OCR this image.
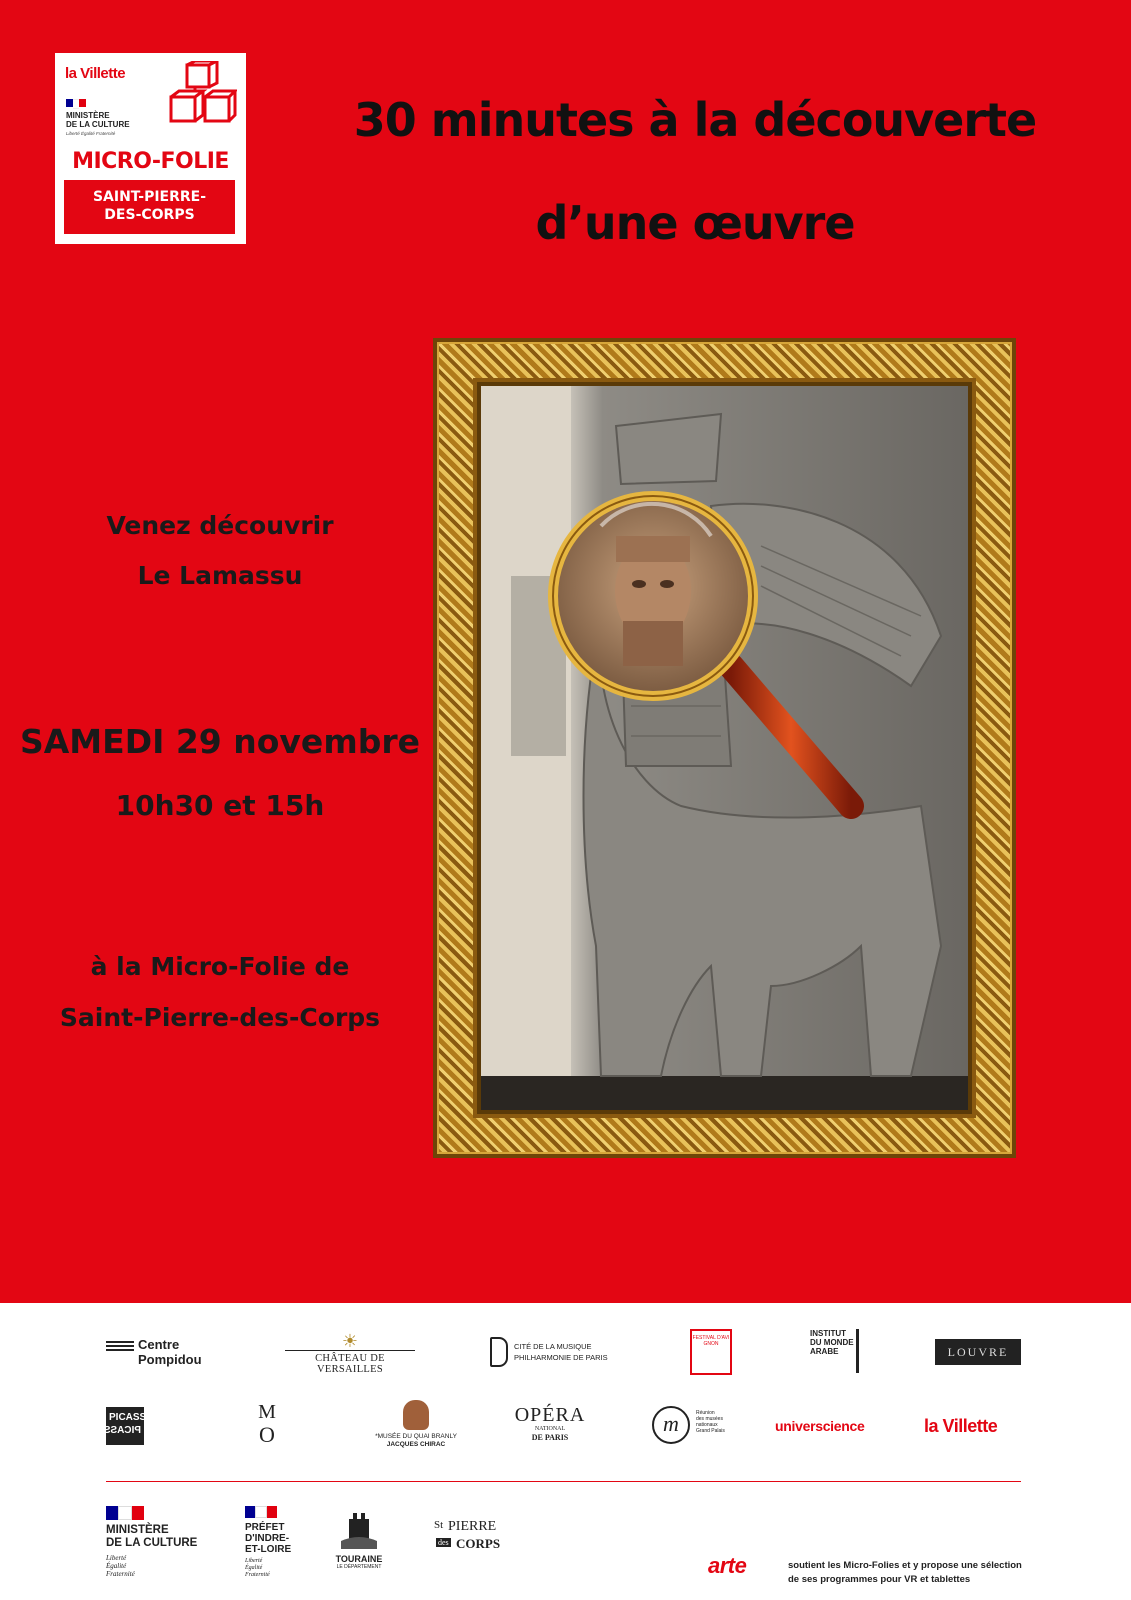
la Villette
MINISTÈRE
DE LA CULTURE
Liberté Égalité Fraternité
MICRO-FOLIE
SAINT-PIERRE-
DES-CORPS
30 minutes à la découverte
d’une œuvre
Venez découvrir
Le Lamassu
SAMEDI 29 novembre
10h30 et 15h
à la Micro-Folie de
Saint-Pierre-des-Corps
Centre
Pompidou
☀
CHÂTEAU DE VERSAILLES
CITÉ DE LA MUSIQUE
PHILHARMONIE DE PARIS
FESTIVAL D'AVIGNON
INSTITUT
DU MONDE
ARABE	LOUVRE
PICASSO
PICASSO
M
O	*MUSÉE DU QUAI BRANLY
JACQUES CHIRAC
OPÉRA
NATIONAL
DE PARIS
m	Réunion
des musées
nationaux
Grand Palais	universcience	la Villette
MINISTÈRE
DE LA CULTURE
Liberté
Égalité
Fraternité
PRÉFET
D'INDRE-
ET-LOIRE
Liberté
Égalité
Fraternité
TOURAINE
LE DÉPARTEMENT
St PIERRE
des CORPS
arte	soutient les Micro-Folies et y propose une sélection
de ses programmes pour VR et tablettes
